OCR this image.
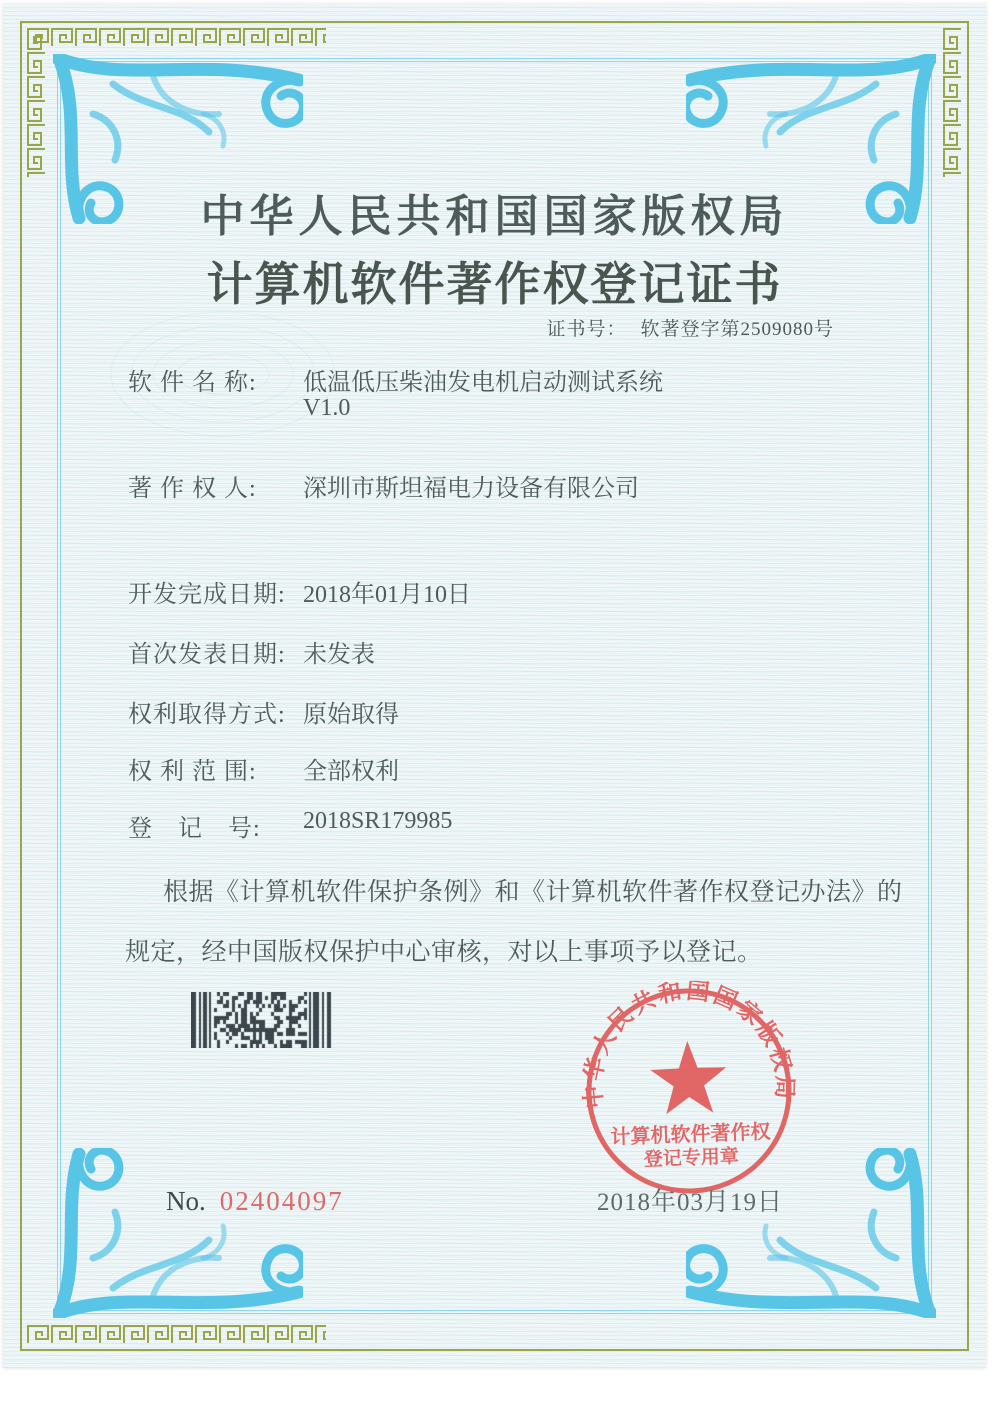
中华人民共和国国家版权局
计算机软件著作权登记证书
证书号： 软著登字第2509080号
软 件 名 称: 低温低压柴油发电机启动测试系统
V1.0
著 作 权 人: 深圳市斯坦福电力设备有限公司
开发完成日期: 2018年01月10日
首次发表日期: 未发表
权利取得方式: 原始取得
权 利 范 围: 全部权利
登　记　号: 2018SR179985
根据《计算机软件保护条例》和《计算机软件著作权登记办法》的
规定，经中国版权保护中心审核，对以上事项予以登记。
中华人民共和国国家版权局
计算机软件著作权
登记专用章
2018年03月19日
No. 02404097
